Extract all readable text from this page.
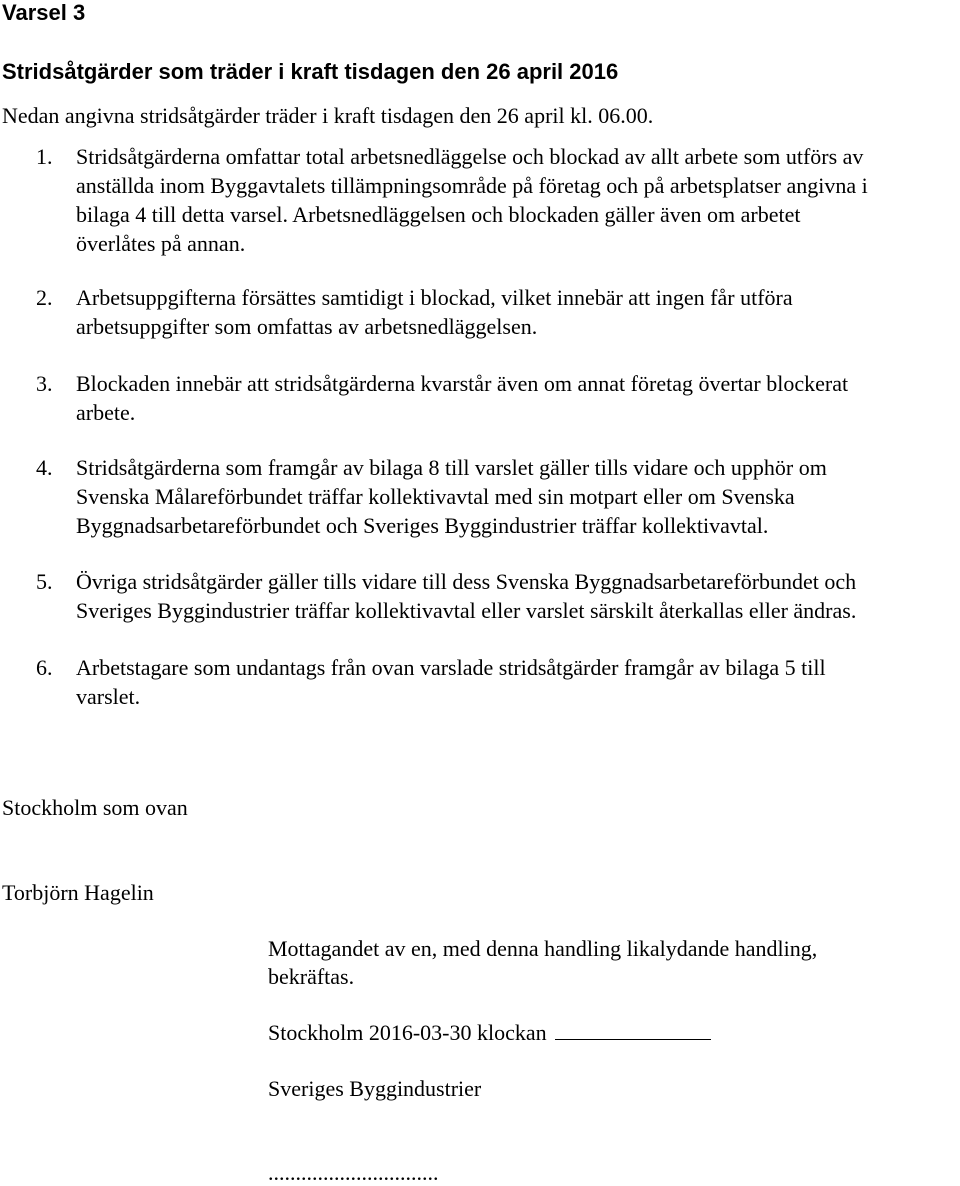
Varsel 3
Stridsåtgärder som träder i kraft tisdagen den 26 april 2016
Nedan angivna stridsåtgärder träder i kraft tisdagen den 26 april kl. 06.00.
1. Stridsåtgärderna omfattar total arbetsnedläggelse och blockad av allt arbete som utförs av
anställda inom Byggavtalets tillämpningsområde på företag och på arbetsplatser angivna i
bilaga 4 till detta varsel. Arbetsnedläggelsen och blockaden gäller även om arbetet
överlåtes på annan.
2. Arbetsuppgifterna försättes samtidigt i blockad, vilket innebär att ingen får utföra
arbetsuppgifter som omfattas av arbetsnedläggelsen.
3. Blockaden innebär att stridsåtgärderna kvarstår även om annat företag övertar blockerat
arbete.
4. Stridsåtgärderna som framgår av bilaga 8 till varslet gäller tills vidare och upphör om
Svenska Målareförbundet träffar kollektivavtal med sin motpart eller om Svenska
Byggnadsarbetareförbundet och Sveriges Byggindustrier träffar kollektivavtal.
5. Övriga stridsåtgärder gäller tills vidare till dess Svenska Byggnadsarbetareförbundet och
Sveriges Byggindustrier träffar kollektivavtal eller varslet särskilt återkallas eller ändras.
6. Arbetstagare som undantags från ovan varslade stridsåtgärder framgår av bilaga 5 till
varslet.
Stockholm som ovan
Torbjörn Hagelin
Mottagandet av en, med denna handling likalydande handling,
bekräftas.
Stockholm 2016-03-30 klockan
Sveriges Byggindustrier
...............................
